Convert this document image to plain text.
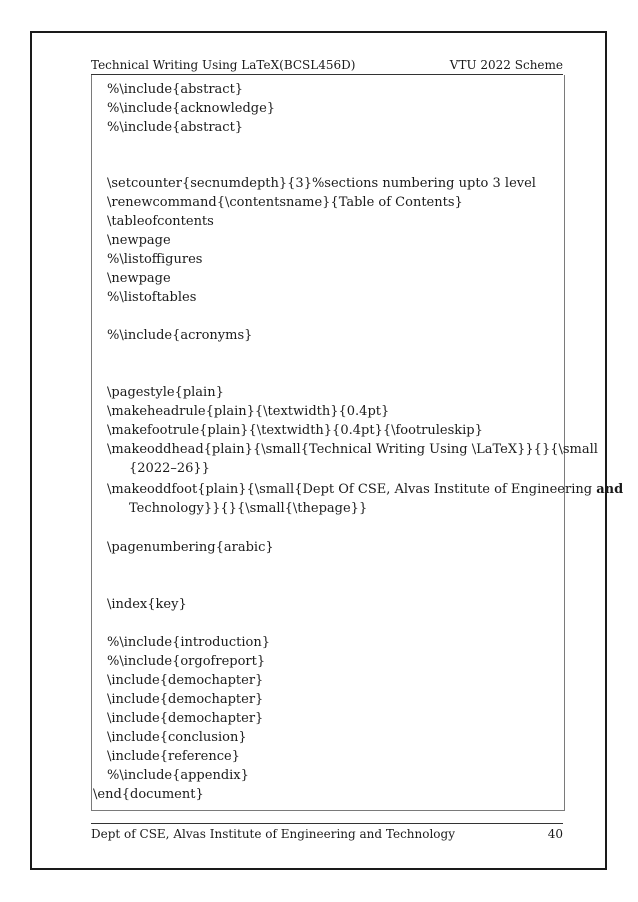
Technical Writing Using LaTeX(BCSL456D)	VTU 2022 Scheme
%\include{abstract}
%\include{acknowledge}
%\include{abstract}
\setcounter{secnumdepth}{3}%sections numbering upto 3 level
\renewcommand{\contentsname}{Table of Contents}
\tableofcontents
\newpage
%\listoffigures
\newpage
%\listoftables
%\include{acronyms}
\pagestyle{plain}
\makeheadrule{plain}{\textwidth}{0.4pt}
\makefootrule{plain}{\textwidth}{0.4pt}{\footruleskip}
\makeoddhead{plain}{\small{Technical Writing Using \LaTeX}}{}{\small
{2022–26}}
\makeoddfoot{plain}{\small{Dept Of CSE, Alvas Institute of Engineering and
Technology}}{}{\small{\thepage}}
\pagenumbering{arabic}
\index{key}
%\include{introduction}
%\include{orgofreport}
\include{demochapter}
\include{demochapter}
\include{demochapter}
\include{conclusion}
\include{reference}
%\include{appendix}
\end{document}
Dept of CSE, Alvas Institute of Engineering and Technology	40
